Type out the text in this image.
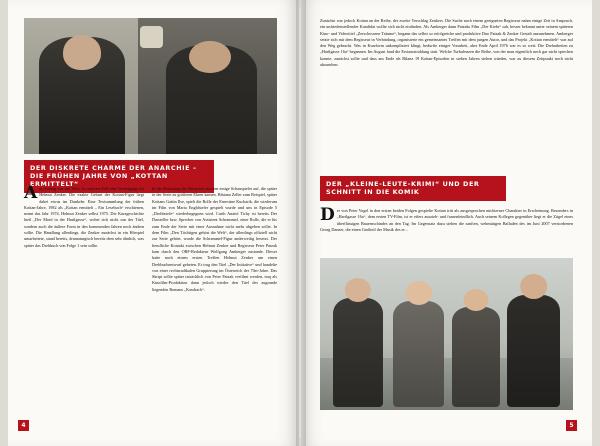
DER DISKRETE CHARME DER ANARCHIE – DIE FRÜHEN JAHRE VON „KOTTAN ERMITTELT“

Am Anfang war das Wort. In unserem Fall eine Verneigung vor Helmut Zenker. Die exakte Geburt der Kottan-Figur liegt dabei etwas im Dunkeln: Eine Textsammlung der frühen Kottan-Jahre, 1982 als „Kottan ermittelt – Ein Lesebuch“ erschienen, nennt das Jahr 1974, Helmut Zenker selbst 1975. Die Kurzgeschichte hieß „Der Mord in der Hartlgasse“, wobei sich nicht nur der Titel, sondern auch die äußere Form in den kommenden Jahren noch ändern sollte. Die Handlung allerdings, die Zenker zunächst in ein Hörspiel umarbeitete, stand bereits, dramaturgisch bereits dem sehr ähnlich, was später das Drehbuch von Folge 1 sein sollte.

In der Besetzung des Hörspiels tauchen einige Schauspieler auf, die später in der Serie zu größeren Ehren kamen. Bibiana Zeller zum Beispiel, später Kottans Gattin Ilse, spielt die Rolle der Ernestine Kucharik, die wiederum im Film von Maria Engblstefer gespielt wurde und uns in Episode 5 „Drohbriefe“ wiederbegegnen wird. Curth Anatol Tichy ist bereits Der Darsteller bzw. Sprecher von Assistent Schrammel, einer Rolle, die er bis zum Ende der Serie mit einer Ausnahme nicht mehr abgeben sollte. In dem Film „Den Tüchtigen gehört die Welt“, der allerdings offiziell nicht zur Serie gehört, wurde die Schrammel-Figur anderweitig besetzt. Der berufliche Kontakt zwischen Helmut Zenker und Regisseur Peter Patzak kam durch den ORF-Redakteur Wolfgang Amberger zustande. Dieser hatte nach einem ersten Treffen Helmut Zenker um einen Drehbuchentwurf gebeten. Er trug den Titel „Der Initiative“ und handelte von einer rechtsradikalen Gruppierung im Österreich der 70er-Jahre. Das Skript sollte später tatsächlich von Peter Patzak verfilmt werden, traq als Kinofilm-Produktion dann jedoch wieder den Titel des zugrunde liegenden Romans „Kassbach“.

4

Zunächst war jedoch Kottan an der Reihe, der zweite Vorschlag Zenkers. Die Suche nach einem geeigneten Regisseur nahm einige Zeit in Anspruch, ein unfriedenstellender Kandidat wollte sich nicht einfinden. Als Amberger dann Patzaks Film „Der Kiebr“ sah, besser bekannt unter seinem späteren Kino- und Videotitel „Zerschossene Träume“, begann das selbst so erfolgreiche und produktive Duo Patzak & Zenker Gestalt anzunehmen. Amberger setzte sich mit dem Regisseur in Verbindung, organisierte ein gemeinsames Treffen mit dem jungen Autor, und das Projekt „Kottan ermittelt“ war auf den Weg gebracht. Was in Kurzform unkompliziert klingt, bedurfte einiger Vorarbeit, aber Ende April 1976 war es so weit: Die Dreharbeiten zu „Hartlgasse 16a“ begannen. Im August fand die Erstausstrahlung statt. Welche Turbulenzen die Reihe, von der man eigentlich noch gar nicht sprechen konnte, zunächst sollte und dass am Ende als Bilanz 19 Kottan-Episoden in sieben Jahren stehen würden, war zu diesem Zeitpunkt noch nicht abzusehen.

DER „KLEINE-LEUTE-KRIMI“ UND DER SCHNITT IN DIE KOMIK

Der von Peter Vogel in den ersten beiden Folgen gespielte Kottan tritt als ausgesprochen nüchterner Charakter in Erscheinung. Besonders in „Hartlgasse 16a“, dem ersten TV-Film, ist er eifers auszieh- und frauenfeindlich. Auch seinem Kollegen gegenüber liegt er die Zügel eines überflüssigen Bauernschindes an den Tag. Im Gegensatz dazu stehen die sanften, wehmütigen Balladen des im Juni 2007 verstorbenen Georg Danzer, die einen Großteil der Musik des er...

5
